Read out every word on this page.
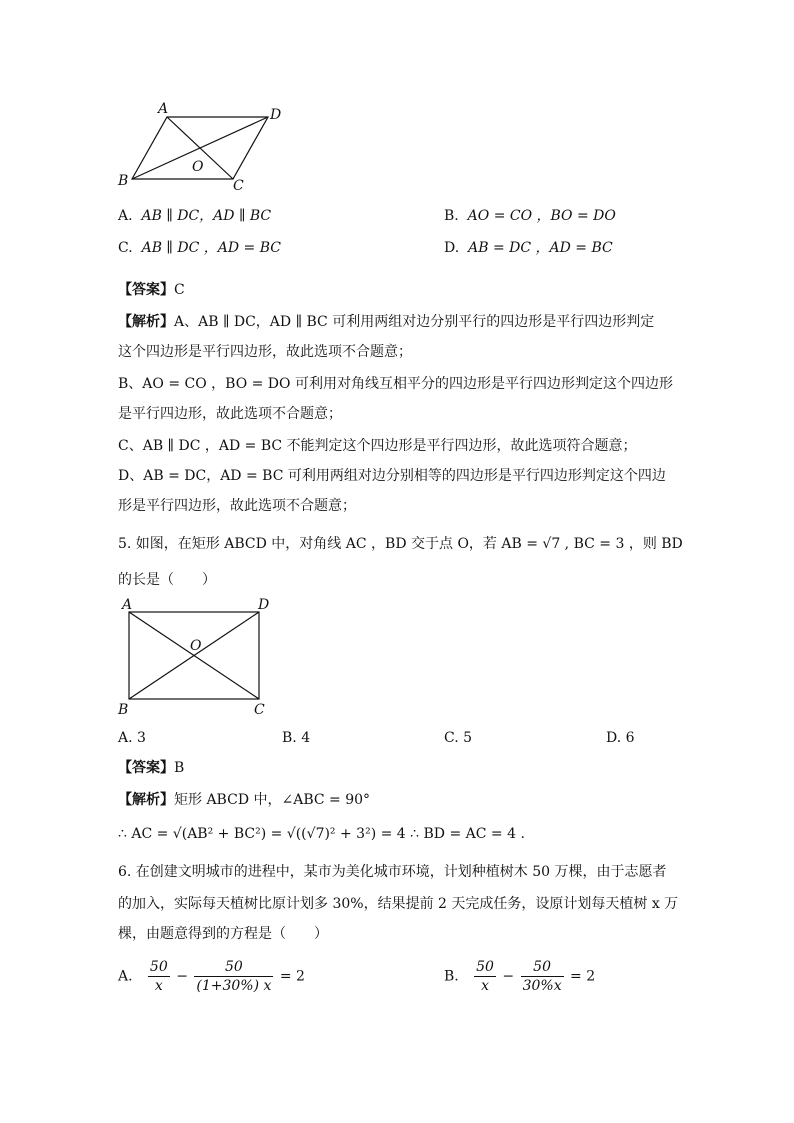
A	D
O
B	C
A. AB ∥ DC，AD ∥ BC	B. AO = CO ，BO = DO
C. AB ∥ DC ，AD = BC	D. AB = DC ，AD = BC
【答案】C
【解析】A、AB ∥ DC，AD ∥ BC 可利用两组对边分别平行的四边形是平行四边形判定
这个四边形是平行四边形，故此选项不合题意；
B、AO = CO ，BO = DO 可利用对角线互相平分的四边形是平行四边形判定这个四边形
是平行四边形，故此选项不合题意；
C、AB ∥ DC ，AD = BC 不能判定这个四边形是平行四边形，故此选项符合题意；
D、AB = DC，AD = BC 可利用两组对边分别相等的四边形是平行四边形判定这个四边
形是平行四边形，故此选项不合题意；
5. 如图，在矩形 ABCD 中，对角线 AC ，BD 交于点 O，若 AB = √7 , BC = 3 ，则 BD
的长是（　　）
A	D
O
B	C
A. 3	B. 4	C. 5	D. 6
【答案】B
【解析】矩形 ABCD 中，∠ABC = 90°
∴ AC = √(AB² + BC²) = √((√7)² + 3²) = 4 ∴ BD = AC = 4 .
6. 在创建文明城市的进程中，某市为美化城市环境，计划种植树木 50 万棵，由于志愿者
的加入，实际每天植树比原计划多 30%，结果提前 2 天完成任务，设原计划每天植树 x 万
棵，由题意得到的方程是（　　）
A. $\frac{50}{x} - \frac{50}{(1+30\%) x} = 2$	B. $\frac{50}{x} - \frac{50}{30\%x} = 2$
